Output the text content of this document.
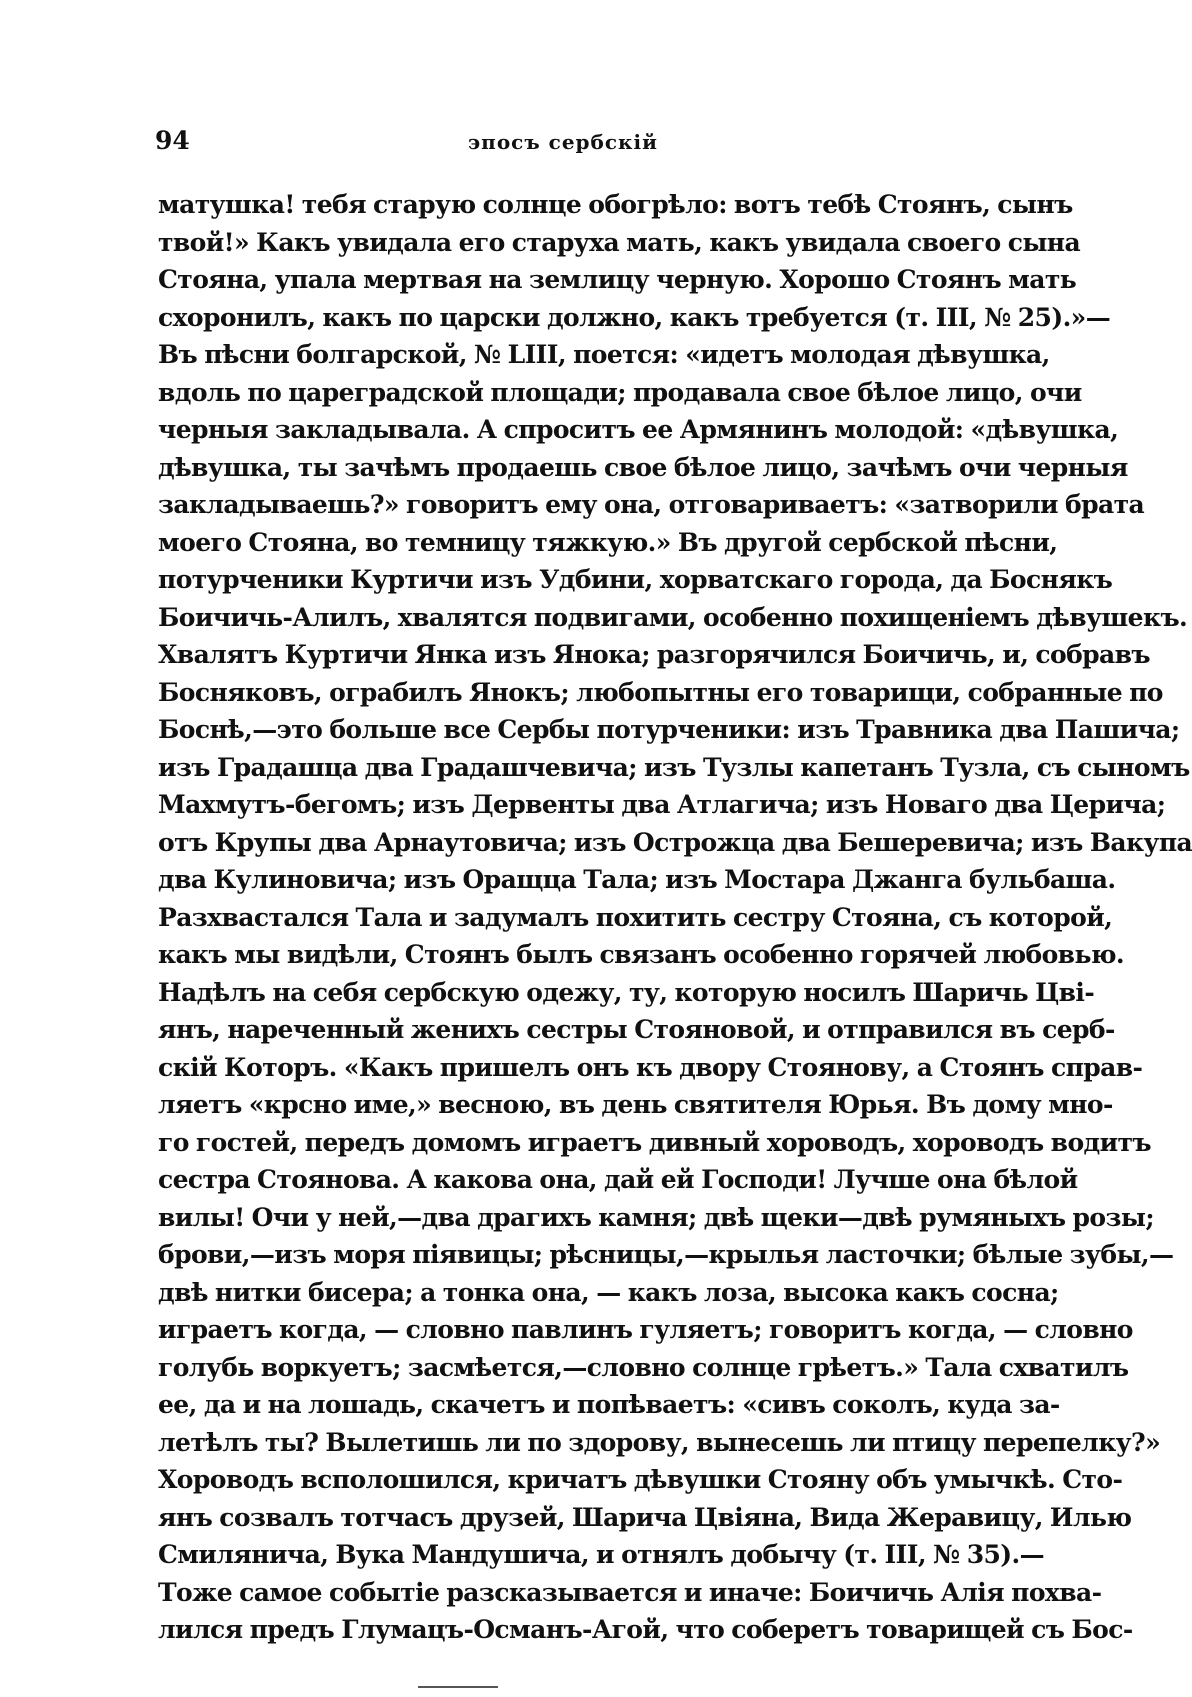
94	эпосъ сербскій
матушка! тебя старую солнце обогрѣло: вотъ тебѣ Стоянъ, сынъ
твой!» Какъ увидала его старуха мать, какъ увидала своего сына
Стояна, упала мертвая на землицу черную. Хорошо Стоянъ мать
схоронилъ, какъ по царски должно, какъ требуется (т. III, № 25).»—
Въ пѣсни болгарской, № LIII, поется: «идетъ молодая дѣвушка,
вдоль по цареградской площади; продавала свое бѣлое лицо, очи
черныя закладывала. А спроситъ ее Армянинъ молодой: «дѣвушка,
дѣвушка, ты зачѣмъ продаешь свое бѣлое лицо, зачѣмъ очи черныя
закладываешь?» говоритъ ему она, отговариваетъ: «затворили брата
моего Стояна, во темницу тяжкую.» Въ другой сербской пѣсни,
потурченики Куртичи изъ Удбини, хорватскаго города, да Боснякъ
Боичичь-Алилъ, хвалятся подвигами, особенно похищеніемъ дѣвушекъ.
Хвалятъ Куртичи Янка изъ Янока; разгорячился Боичичь, и, собравъ
Босняковъ, ограбилъ Янокъ; любопытны его товарищи, собранные по
Боснѣ,—это больше все Сербы потурченики: изъ Травника два Пашича;
изъ Градашца два Градашчевича; изъ Тузлы капетанъ Тузла, съ сыномъ
Махмутъ-бегомъ; изъ Дервенты два Атлагича; изъ Новаго два Церича;
отъ Крупы два Арнаутовича; изъ Острожца два Бешеревича; изъ Вакупа
два Кулиновича; изъ Оращца Тала; изъ Мостара Джанга бульбаша.
Разхвастался Тала и задумалъ похитить сестру Стояна, съ которой,
какъ мы видѣли, Стоянъ былъ связанъ особенно горячей любовью.
Надѣлъ на себя сербскую одежу, ту, которую носилъ Шаричь Цві-
янъ, нареченный женихъ сестры Стояновой, и отправился въ серб-
скій Которъ. «Какъ пришелъ онъ къ двору Стоянову, а Стоянъ справ-
ляетъ «крсно име,» весною, въ день святителя Юрья. Въ дому мно-
го гостей, передъ домомъ играетъ дивный хороводъ, хороводъ водитъ
сестра Стоянова. А какова она, дай ей Господи! Лучше она бѣлой
вилы! Очи у ней,—два драгихъ камня; двѣ щеки—двѣ румяныхъ розы;
брови,—изъ моря піявицы; рѣсницы,—крылья ласточки; бѣлые зубы,—
двѣ нитки бисера; а тонка она, — какъ лоза, высока какъ сосна;
играетъ когда, — словно павлинъ гуляетъ; говоритъ когда, — словно
голубь воркуетъ; засмѣется,—словно солнце грѣетъ.» Тала схватилъ
ее, да и на лошадь, скачетъ и попѣваетъ: «сивъ соколъ, куда за-
летѣлъ ты? Вылетишь ли по здорову, вынесешь ли птицу перепелку?»
Хороводъ всполошился, кричатъ дѣвушки Стояну объ умычкѣ. Сто-
янъ созвалъ тотчасъ друзей, Шарича Цвіяна, Вида Жеравицу, Илью
Смилянича, Вука Мандушича, и отнялъ добычу (т. III, № 35).—
Тоже самое событіе разсказывается и иначе: Боичичь Алія похва-
лился предъ Глумацъ-Османъ-Агой, что соберетъ товарищей съ Бос-
